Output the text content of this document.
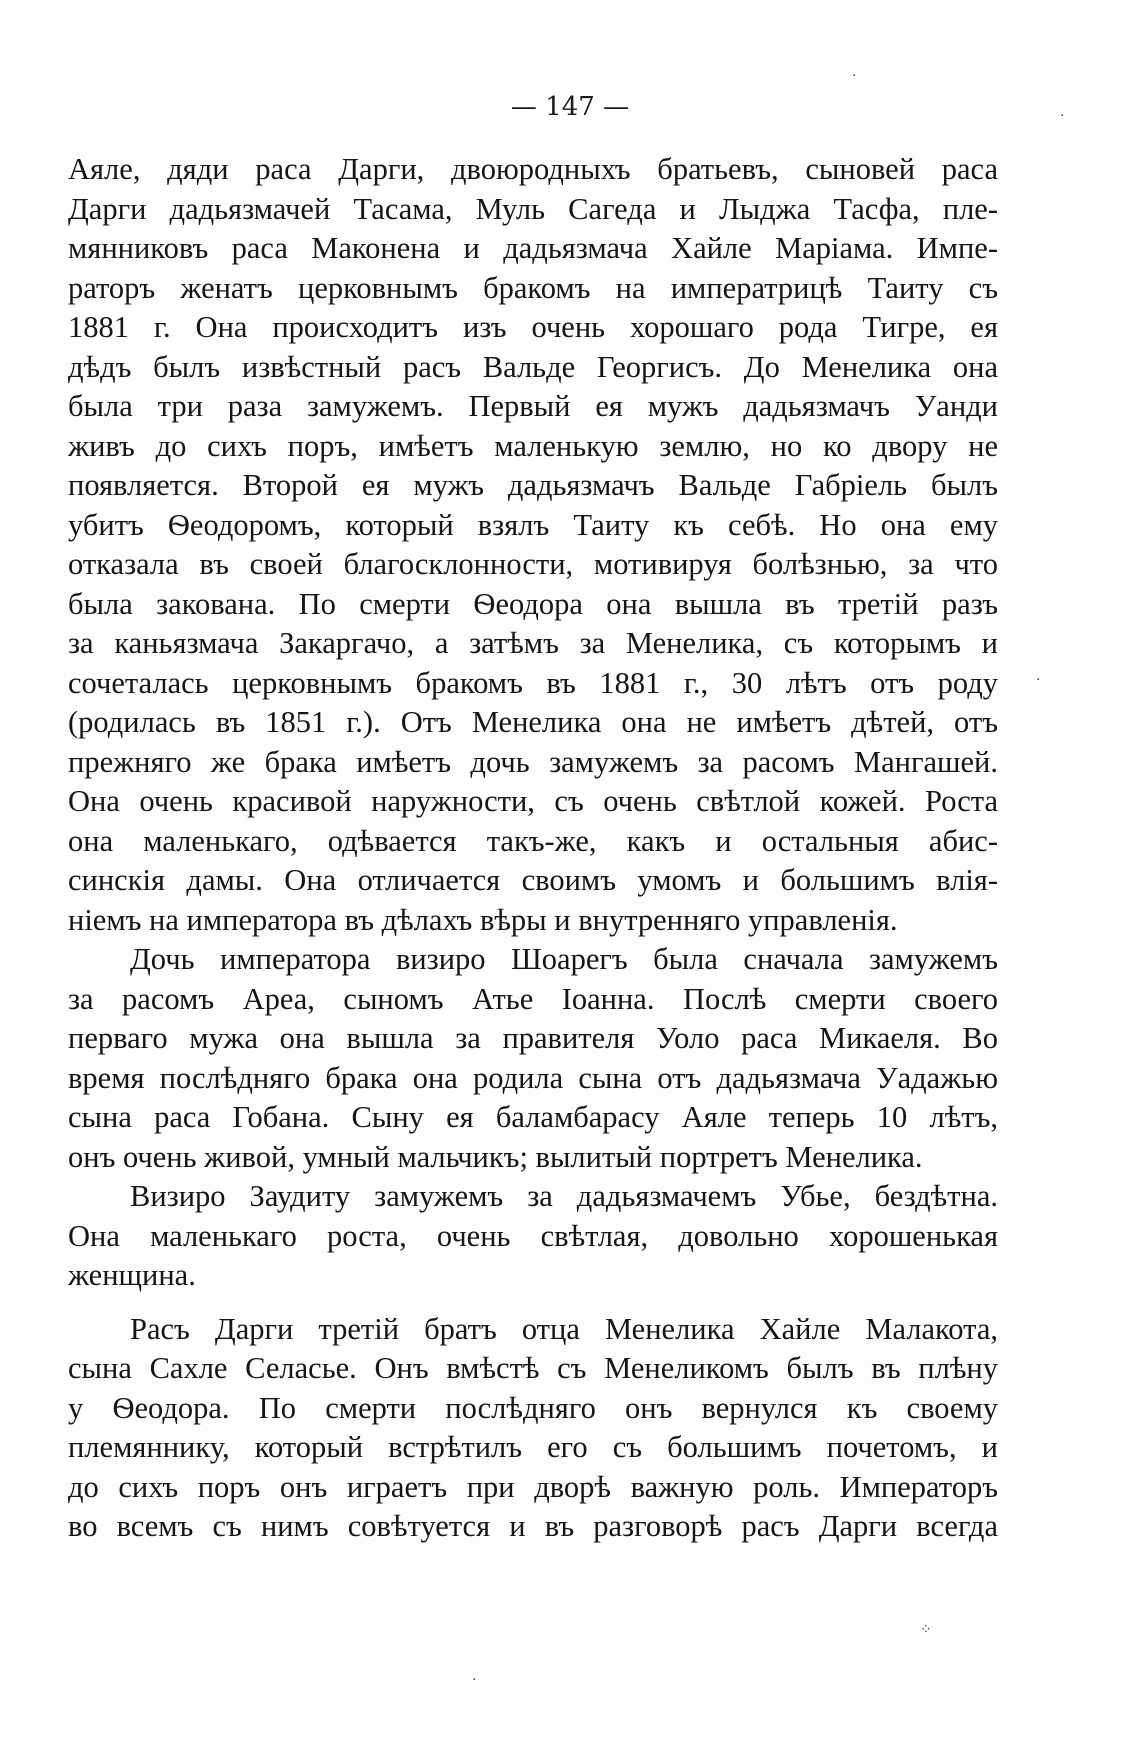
— 147 —
Аяле, дяди раса Дарги, двоюродныхъ братьевъ, сыновей раса
Дарги дадьязмачей Тасама, Муль Сагеда и Лыджа Тасфа, пле-
мянниковъ раса Маконена и дадьязмача Хайле Маріама. Импе-
раторъ женатъ церковнымъ бракомъ на императрицѣ Таиту съ
1881 г. Она происходитъ изъ очень хорошаго рода Тигре, ея
дѣдъ былъ извѣстный расъ Вальде Георгисъ. До Менелика она
была три раза замужемъ. Первый ея мужъ дадьязмачъ Уанди
живъ до сихъ поръ, имѣетъ маленькую землю, но ко двору не
появляется. Второй ея мужъ дадьязмачъ Вальде Габріель былъ
убитъ Ѳеодоромъ, который взялъ Таиту къ себѣ. Но она ему
отказала въ своей благосклонности, мотивируя болѣзнью, за что
была закована. По смерти Ѳеодора она вышла въ третій разъ
за каньязмача Закаргачо, а затѣмъ за Менелика, съ которымъ и
сочеталась церковнымъ бракомъ въ 1881 г., 30 лѣтъ отъ роду
(родилась въ 1851 г.). Отъ Менелика она не имѣетъ дѣтей, отъ
прежняго же брака имѣетъ дочь замужемъ за расомъ Мангашей.
Она очень красивой наружности, съ очень свѣтлой кожей. Роста
она маленькаго, одѣвается такъ-же, какъ и остальныя абис-
синскія дамы. Она отличается своимъ умомъ и большимъ влія-
ніемъ на императора въ дѣлахъ вѣры и внутренняго управленія.
Дочь императора визиро Шоарегъ была сначала замужемъ
за расомъ Ареа, сыномъ Атье Іоанна. Послѣ смерти своего
перваго мужа она вышла за правителя Уоло раса Микаеля. Во
время послѣдняго брака она родила сына отъ дадьязмача Уадажью
сына раса Гобана. Сыну ея баламбарасу Аяле теперь 10 лѣтъ,
онъ очень живой, умный мальчикъ; вылитый портретъ Менелика.
Визиро Заудиту замужемъ за дадьязмачемъ Убье, бездѣтна.
Она маленькаго роста, очень свѣтлая, довольно хорошенькая
женщина.
Расъ Дарги третій братъ отца Менелика Хайле Малакота,
сына Сахле Селасье. Онъ вмѣстѣ съ Менеликомъ былъ въ плѣну
у Ѳеодора. По смерти послѣдняго онъ вернулся къ своему
племяннику, который встрѣтилъ его съ большимъ почетомъ, и
до сихъ поръ онъ играетъ при дворѣ важную роль. Императоръ
во всемъ съ нимъ совѣтуется и въ разговорѣ расъ Дарги всегда
·
·
·
⁘
·
